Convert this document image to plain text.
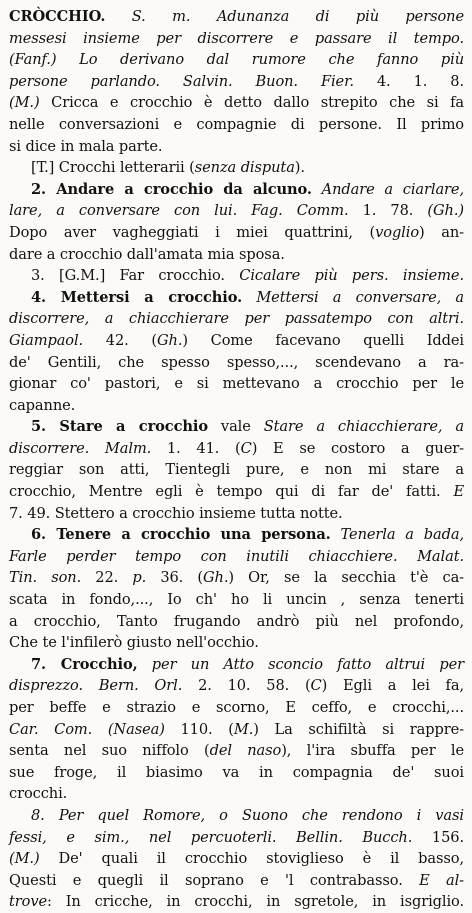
CRÒCCHIO. S. m. Adunanza di più persone
messesi insieme per discorrere e passare il tempo.
(Fanf.) Lo derivano dal rumore che fanno più
persone parlando. Salvin. Buon. Fier. 4. 1. 8.
(M.) Cricca e crocchio è detto dallo strepito che si fa
nelle conversazioni e compagnie di persone. Il primo
si dice in mala parte.
[T.] Crocchi letterarii (senza disputa).
2. Andare a crocchio da alcuno. Andare a ciarlare,
lare, a conversare con lui. Fag. Comm. 1. 78. (Gh.)
Dopo aver vagheggiati i miei quattrini, (voglio) an-
dare a crocchio dall'amata mia sposa.
3. [G.M.] Far crocchio. Cicalare più pers. insieme.
4. Mettersi a crocchio. Mettersi a conversare, a
discorrere, a chiacchierare per passatempo con altri.
Giampaol. 42. (Gh.) Come facevano quelli Iddei
de' Gentili, che spesso spesso,..., scendevano a ra-
gionar co' pastori, e si mettevano a crocchio per le
capanne.
5. Stare a crocchio vale Stare a chiacchierare, a
discorrere. Malm. 1. 41. (C) E se costoro a guer-
reggiar son atti, Tientegli pure, e non mi stare a
crocchio, Mentre egli è tempo qui di far de' fatti. E
7. 49. Stettero a crocchio insieme tutta notte.
6. Tenere a crocchio una persona. Tenerla a bada,
Farle perder tempo con inutili chiacchiere. Malat.
Tin. son. 22. p. 36. (Gh.) Or, se la secchia t'è ca-
scata in fondo,..., Io ch' ho li uncin , senza tenerti
a crocchio, Tanto frugando andrò più nel profondo,
Che te l'infilerò giusto nell'occhio.
7. Crocchio, per un Atto sconcio fatto altrui per
disprezzo. Bern. Orl. 2. 10. 58. (C) Egli a lei fa,
per beffe e strazio e scorno, E ceffo, e crocchi,...
Car. Com. (Nasea) 110. (M.) La schifiltà si rappre-
senta nel suo niffolo (del naso), l'ira sbuffa per le
sue froge, il biasimo va in compagnia de' suoi
crocchi.
8. Per quel Romore, o Suono che rendono i vasi
fessi, e sim., nel percuoterli. Bellin. Bucch. 156.
(M.) De' quali il crocchio stoviglieso è il basso,
Questi e quegli il soprano e 'l contrabasso. E al-
trove: In cricche, in crocchi, in sgretole, in isgriglio.
